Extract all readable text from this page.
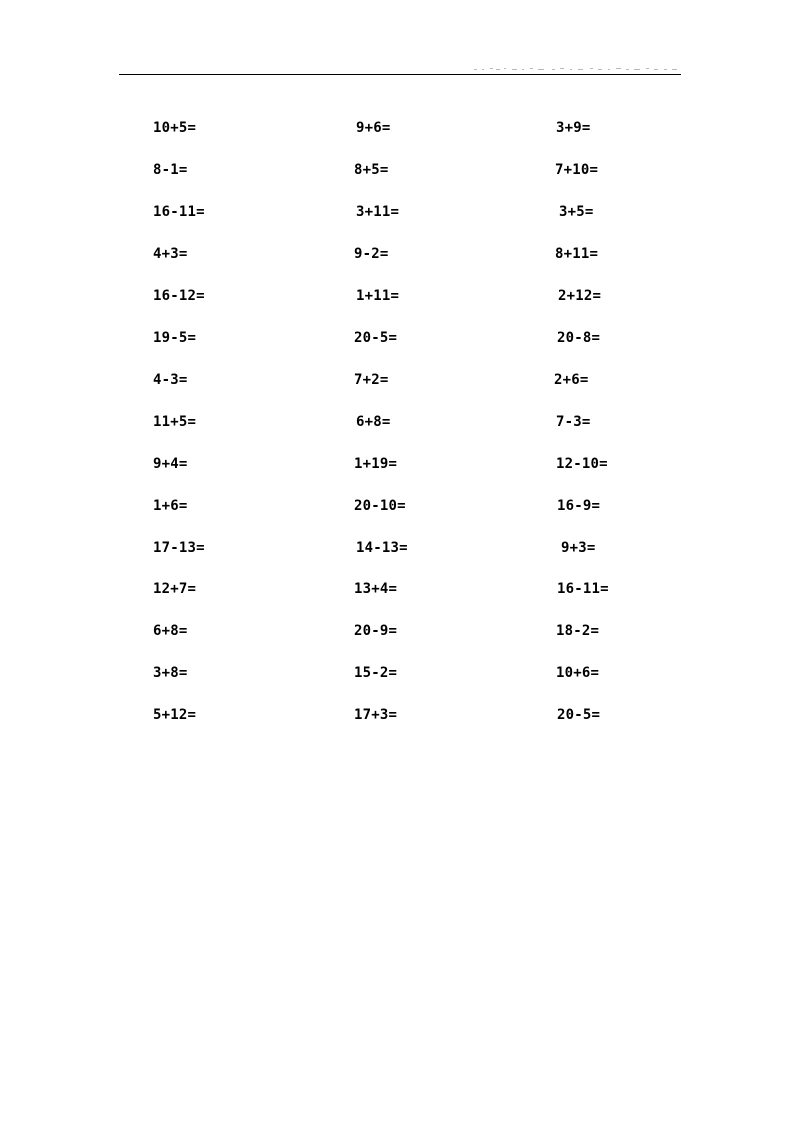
10+5=
8-1=
16-11=
4+3=
16-12=
19-5=
4-3=
11+5=
9+4=
1+6=
17-13=
12+7=
6+8=
3+8=
5+12=
9+6=
8+5=
3+11=
9-2=
1+11=
20-5=
7+2=
6+8=
1+19=
20-10=
14-13=
13+4=
20-9=
15-2=
17+3=
3+9=
7+10=
3+5=
8+11=
2+12=
20-8=
2+6=
7-3=
12-10=
16-9=
9+3=
16-11=
18-2=
10+6=
20-5=
